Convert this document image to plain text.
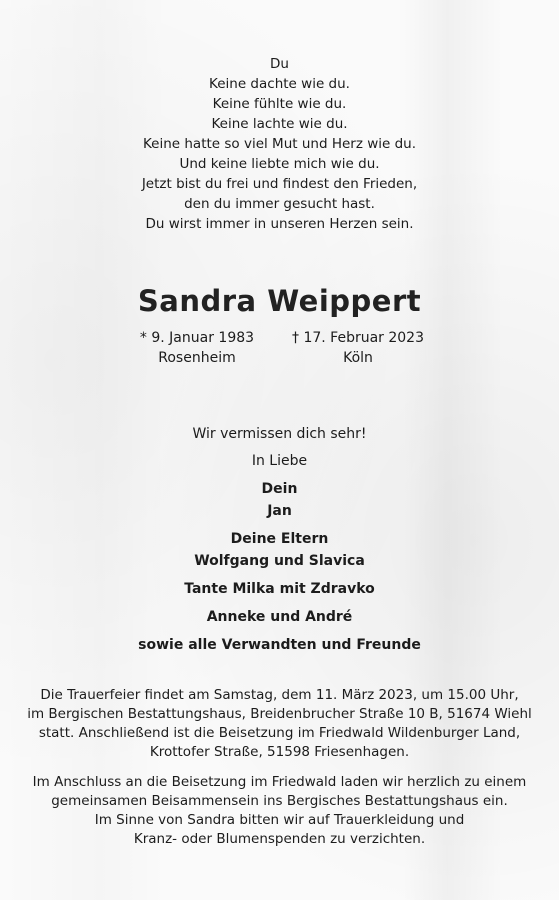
Du
Keine dachte wie du.
Keine fühlte wie du.
Keine lachte wie du.
Keine hatte so viel Mut und Herz wie du.
Und keine liebte mich wie du.
Jetzt bist du frei und findest den Frieden,
den du immer gesucht hast.
Du wirst immer in unseren Herzen sein.
Sandra Weippert
* 9. Januar 1983
Rosenheim
† 17. Februar 2023
Köln
Wir vermissen dich sehr!
In Liebe
Dein
Jan
Deine Eltern
Wolfgang und Slavica
Tante Milka mit Zdravko
Anneke und André
sowie alle Verwandten und Freunde
Die Trauerfeier findet am Samstag, dem 11. März 2023, um 15.00 Uhr,
im Bergischen Bestattungshaus, Breidenbrucher Straße 10 B, 51674 Wiehl
statt. Anschließend ist die Beisetzung im Friedwald Wildenburger Land,
Krottofer Straße, 51598 Friesenhagen.
Im Anschluss an die Beisetzung im Friedwald laden wir herzlich zu einem
gemeinsamen Beisammensein ins Bergisches Bestattungshaus ein.
Im Sinne von Sandra bitten wir auf Trauerkleidung und
Kranz- oder Blumenspenden zu verzichten.
